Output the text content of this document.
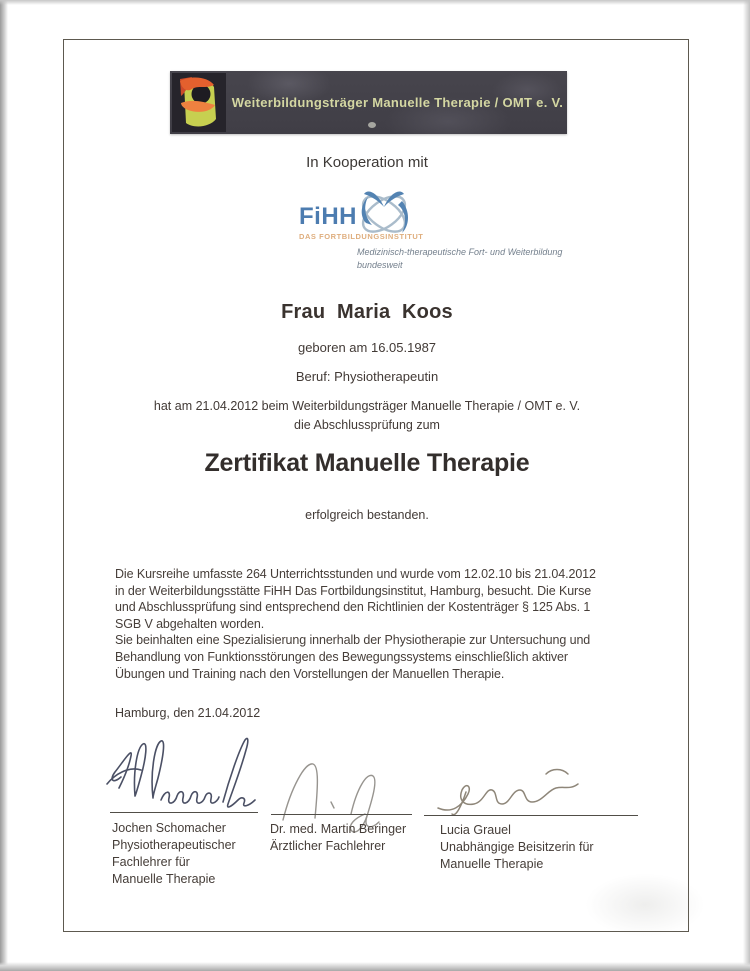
Weiterbildungsträger Manuelle Therapie / OMT e. V.
In Kooperation mit
Frau Maria Koos
geboren am 16.05.1987
Beruf: Physiotherapeutin
hat am 21.04.2012 beim Weiterbildungsträger Manuelle Therapie / OMT e. V.
die Abschlussprüfung zum
Zertifikat Manuelle Therapie
erfolgreich bestanden.
FiHH
DAS FORTBILDUNGSINSTITUT
Medizinisch-therapeutische Fort- und Weiterbildung
bundesweit
Die Kursreihe umfasste 264 Unterrichtsstunden und wurde vom 12.02.10 bis 21.04.2012
in der Weiterbildungsstätte FiHH Das Fortbildungsinstitut, Hamburg, besucht. Die Kurse
und Abschlussprüfung sind entsprechend den Richtlinien der Kostenträger § 125 Abs. 1
SGB V abgehalten worden.
Sie beinhalten eine Spezialisierung innerhalb der Physiotherapie zur Untersuchung und
Behandlung von Funktionsstörungen des Bewegungssystems einschließlich aktiver
Übungen und Training nach den Vorstellungen der Manuellen Therapie.
Hamburg, den 21.04.2012
Jochen Schomacher
Physiotherapeutischer
Fachlehrer für
Manuelle Therapie
Dr. med. Martin Beringer
Ärztlicher Fachlehrer
Lucia Grauel
Unabhängige Beisitzerin für
Manuelle Therapie
